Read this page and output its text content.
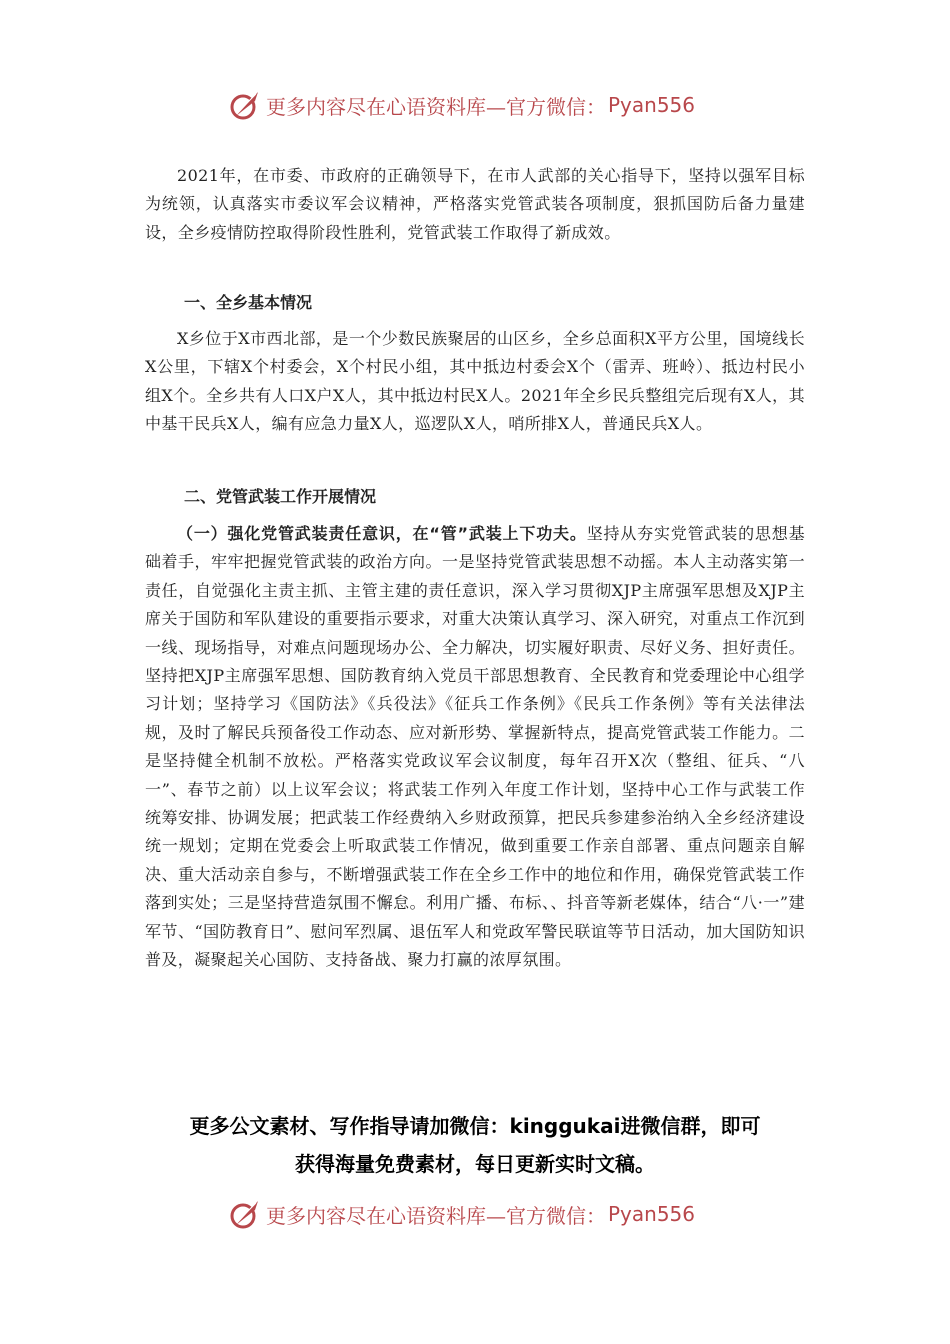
更多内容尽在心语资料库—官方微信： Pyan556

2021年，在市委、市政府的正确领导下，在市人武部的关心指导下，坚持以强军目标为统领，认真落实市委议军会议精神，严格落实党管武装各项制度，狠抓国防后备力量建设，全乡疫情防控取得阶段性胜利，党管武装工作取得了新成效。

一、全乡基本情况

X乡位于X市西北部，是一个少数民族聚居的山区乡，全乡总面积X平方公里，国境线长X公里，下辖X个村委会，X个村民小组，其中抵边村委会X个（雷弄、班岭）、抵边村民小组X个。全乡共有人口X户X人，其中抵边村民X人。2021年全乡民兵整组完后现有X人，其中基干民兵X人，编有应急力量X人，巡逻队X人，哨所排X人，普通民兵X人。

二、党管武装工作开展情况

（一）强化党管武装责任意识，在“管”武装上下功夫。坚持从夯实党管武装的思想基础着手，牢牢把握党管武装的政治方向。一是坚持党管武装思想不动摇。本人主动落实第一责任，自觉强化主责主抓、主管主建的责任意识，深入学习贯彻XJP主席强军思想及XJP主席关于国防和军队建设的重要指示要求，对重大决策认真学习、深入研究，对重点工作沉到一线、现场指导，对难点问题现场办公、全力解决，切实履好职责、尽好义务、担好责任。坚持把XJP主席强军思想、国防教育纳入党员干部思想教育、全民教育和党委理论中心组学习计划；坚持学习《国防法》《兵役法》《征兵工作条例》《民兵工作条例》等有关法律法规，及时了解民兵预备役工作动态、应对新形势、掌握新特点，提高党管武装工作能力。二是坚持健全机制不放松。严格落实党政议军会议制度，每年召开X次（整组、征兵、“八一”、春节之前）以上议军会议；将武装工作列入年度工作计划，坚持中心工作与武装工作统筹安排、协调发展；把武装工作经费纳入乡财政预算，把民兵参建参治纳入全乡经济建设统一规划；定期在党委会上听取武装工作情况，做到重要工作亲自部署、重点问题亲自解决、重大活动亲自参与，不断增强武装工作在全乡工作中的地位和作用，确保党管武装工作落到实处；三是坚持营造氛围不懈怠。利用广播、布标、、抖音等新老媒体，结合“八·一”建军节、“国防教育日”、慰问军烈属、退伍军人和党政军警民联谊等节日活动，加大国防知识普及，凝聚起关心国防、支持备战、聚力打赢的浓厚氛围。

更多公文素材、写作指导请加微信：kinggukai进微信群，即可
获得海量免费素材，每日更新实时文稿。
更多内容尽在心语资料库—官方微信： Pyan556
